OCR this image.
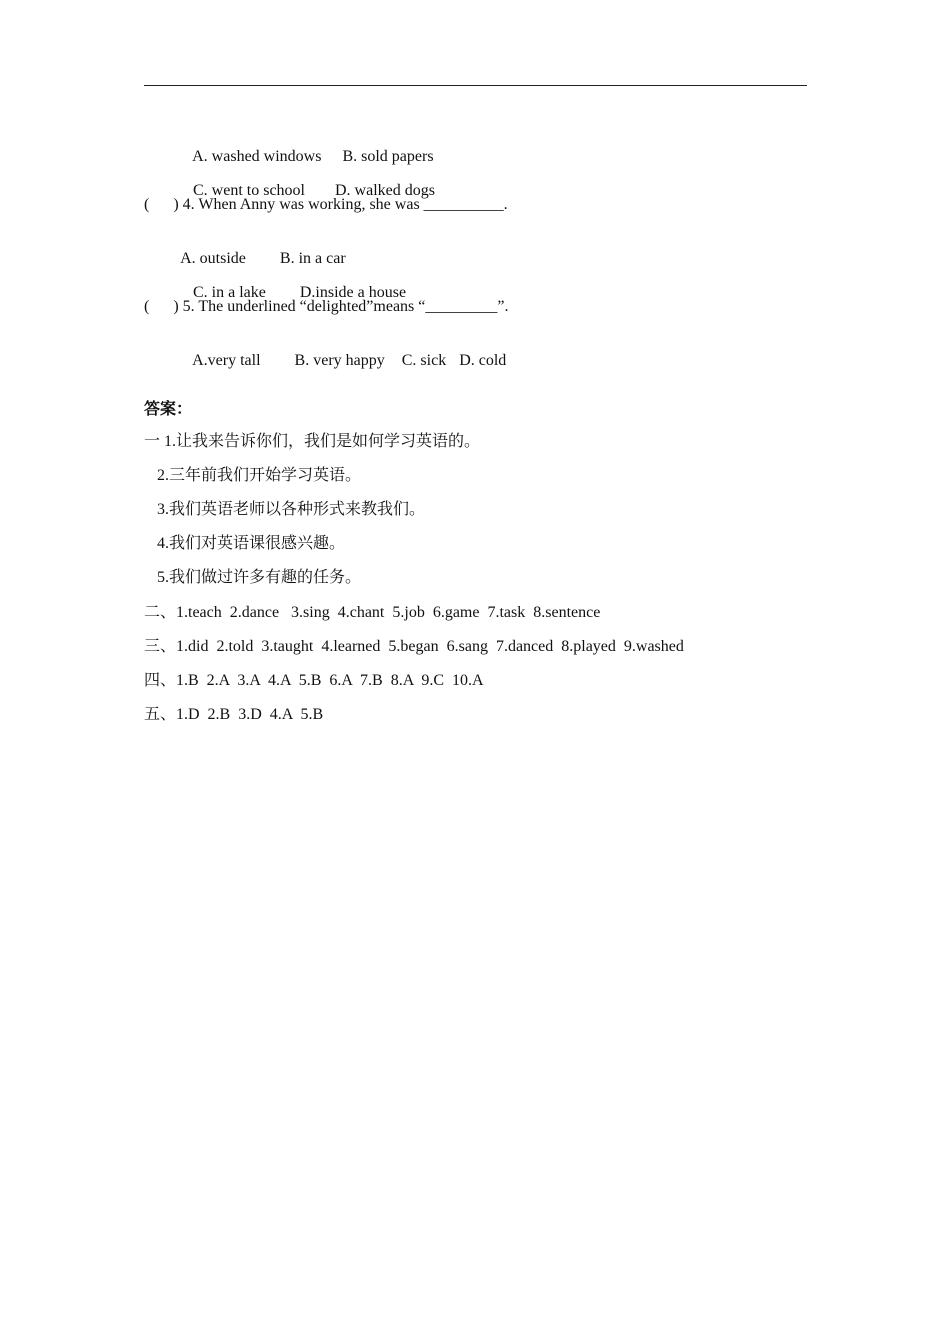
A. washed windows B. sold papers

C. went to school D. walked dogs

(      ) 4. When Anny was working, she was __________.

A. outside B. in a car

C. in a lake D.inside a house

(      ) 5. The underlined “delighted”means “_________”.

A.very tall B. very happy C. sick D. cold

答案：
一 1.让我来告诉你们，我们是如何学习英语的。
2.三年前我们开始学习英语。
3.我们英语老师以各种形式来教我们。
4.我们对英语课很感兴趣。
5.我们做过许多有趣的任务。
二、1.teach  2.dance   3.sing  4.chant  5.job  6.game  7.task  8.sentence
三、1.did  2.told  3.taught  4.learned  5.began  6.sang  7.danced  8.played  9.washed
四、1.B  2.A  3.A  4.A  5.B  6.A  7.B  8.A  9.C  10.A
五、1.D  2.B  3.D  4.A  5.B
